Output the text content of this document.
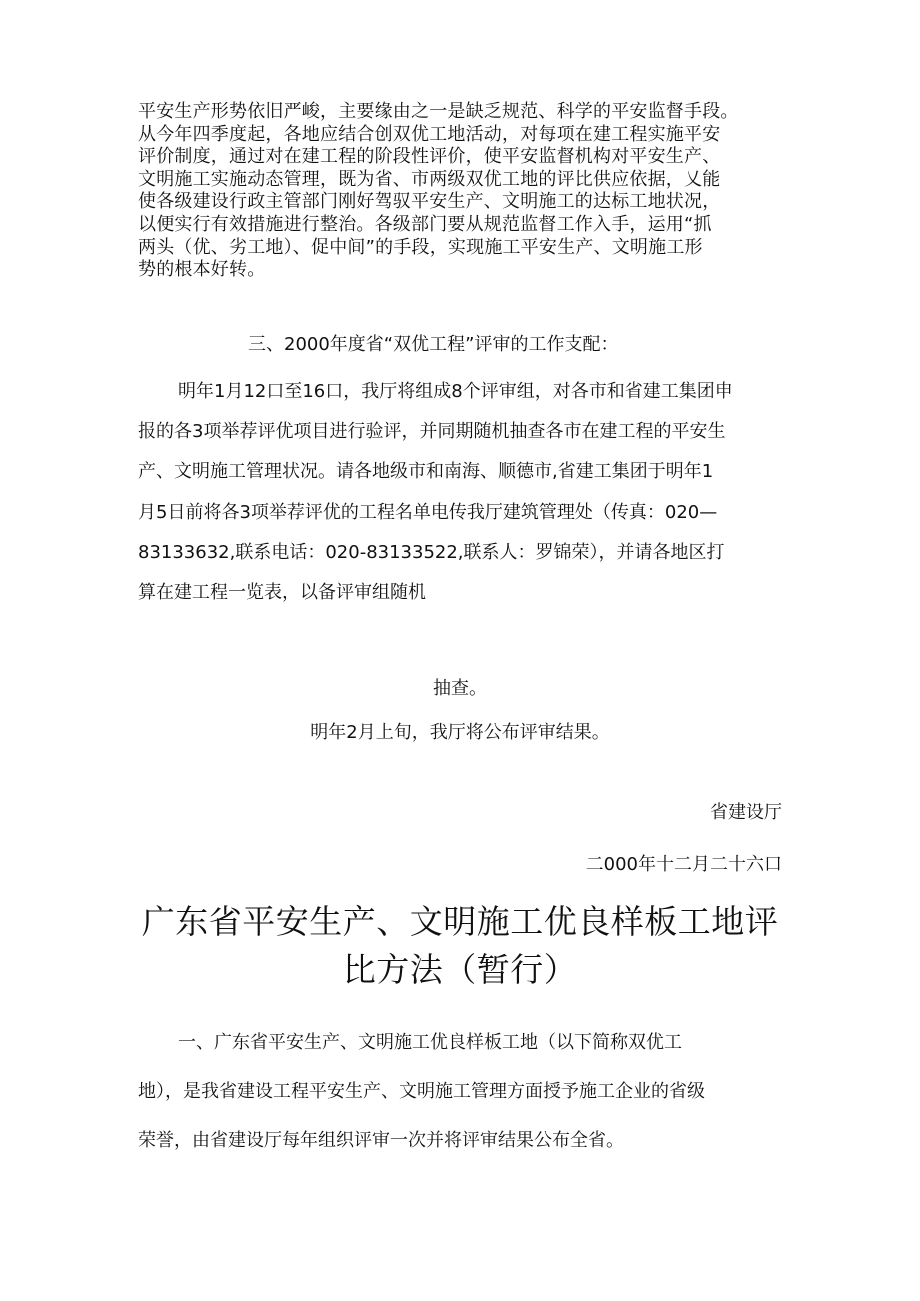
平安生产形势依旧严峻，主要缘由之一是缺乏规范、科学的平安监督手段。
从今年四季度起，各地应结合创双优工地活动，对每项在建工程实施平安
评价制度，通过对在建工程的阶段性评价，使平安监督机构对平安生产、
文明施工实施动态管理，既为省、市两级双优工地的评比供应依据，乂能
使各级建设行政主管部门刚好驾驭平安生产、文明施工的达标工地状况，
以便实行有效措施进行整治。各级部门要从规范监督工作入手，运用“抓
两头（优、劣工地）、促中间”的手段，实现施工平安生产、文明施工形
势的根本好转。
三、2000年度省“双优工程”评审的工作支配：
明年1月12口至16口，我厅将组成8个评审组，对各市和省建工集团申
报的各3项举荐评优项目进行验评，并同期随机抽查各市在建工程的平安生
产、文明施工管理状况。请各地级市和南海、顺德市,省建工集团于明年1
月5日前将各3项举荐评优的工程名单电传我厅建筑管理处（传真：020—
83133632,联系电话：020-83133522,联系人：罗锦荣），并请各地区打
算在建工程一览表，以备评审组随机
抽查。
明年2月上旬，我厅将公布评审结果。
省建设厅
二000年十二月二十六口
广东省平安生产、文明施工优良样板工地评
比方法（暂行）
一、广东省平安生产、文明施工优良样板工地（以下简称双优工
地），是我省建设工程平安生产、文明施工管理方面授予施工企业的省级
荣誉，由省建设厅每年组织评审一次并将评审结果公布全省。
